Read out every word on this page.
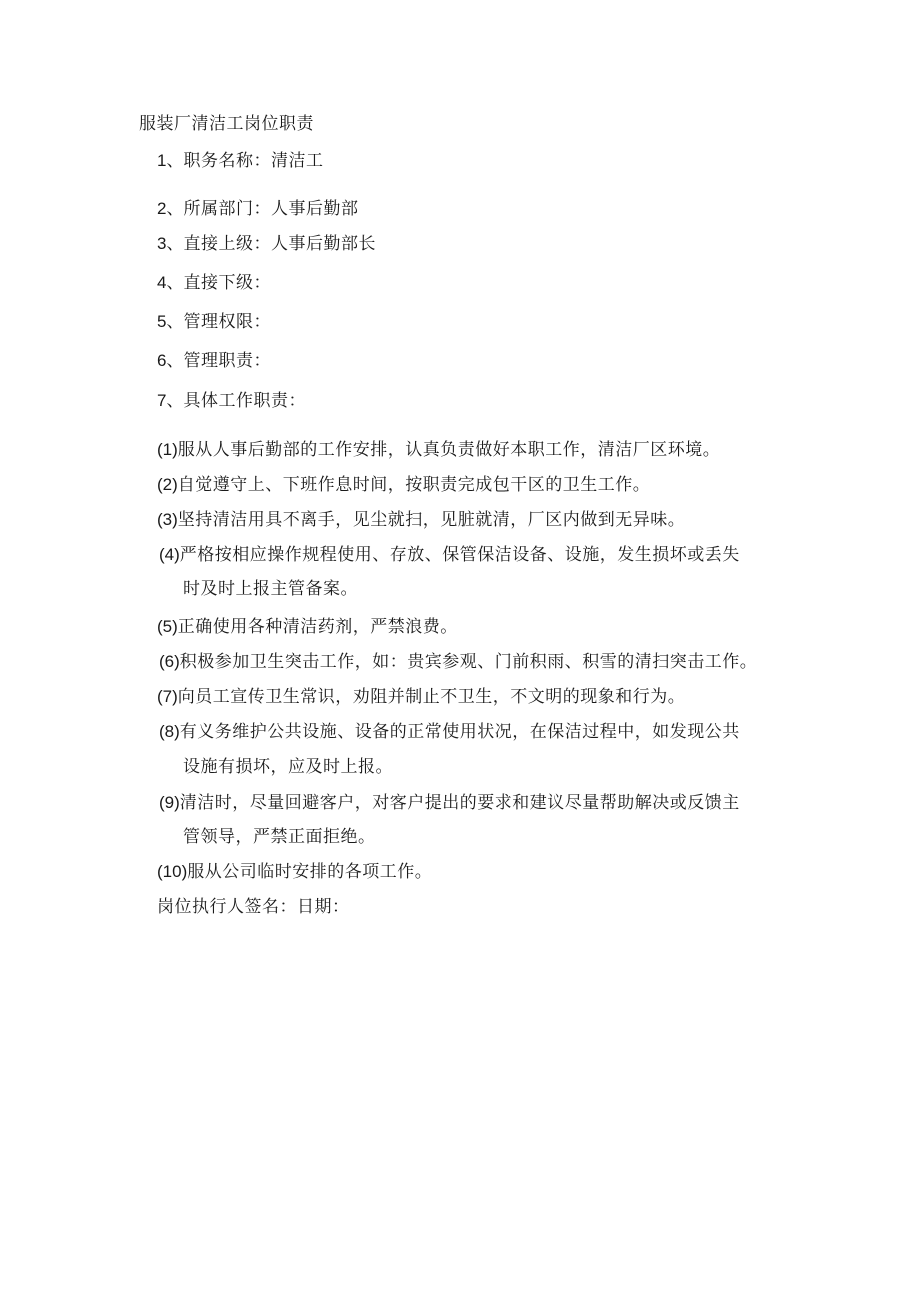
服装厂清洁工岗位职责
1、职务名称：清洁工
2、所属部门：人事后勤部
3、直接上级：人事后勤部长
4、直接下级：
5、管理权限：
6、管理职责：
7、具体工作职责：
(1)服从人事后勤部的工作安排，认真负责做好本职工作，清洁厂区环境。
(2)自觉遵守上、下班作息时间，按职责完成包干区的卫生工作。
(3)坚持清洁用具不离手，见尘就扫，见脏就清，厂区内做到无异味。
(4)严格按相应操作规程使用、存放、保管保洁设备、设施，发生损坏或丢失
时及时上报主管备案。
(5)正确使用各种清洁药剂，严禁浪费。
(6)积极参加卫生突击工作，如：贵宾参观、门前积雨、积雪的清扫突击工作。
(7)向员工宣传卫生常识，劝阻并制止不卫生，不文明的现象和行为。
(8)有义务维护公共设施、设备的正常使用状况，在保洁过程中，如发现公共
设施有损坏，应及时上报。
(9)清洁时，尽量回避客户，对客户提出的要求和建议尽量帮助解决或反馈主
管领导，严禁正面拒绝。
(10)服从公司临时安排的各项工作。
岗位执行人签名：日期：
